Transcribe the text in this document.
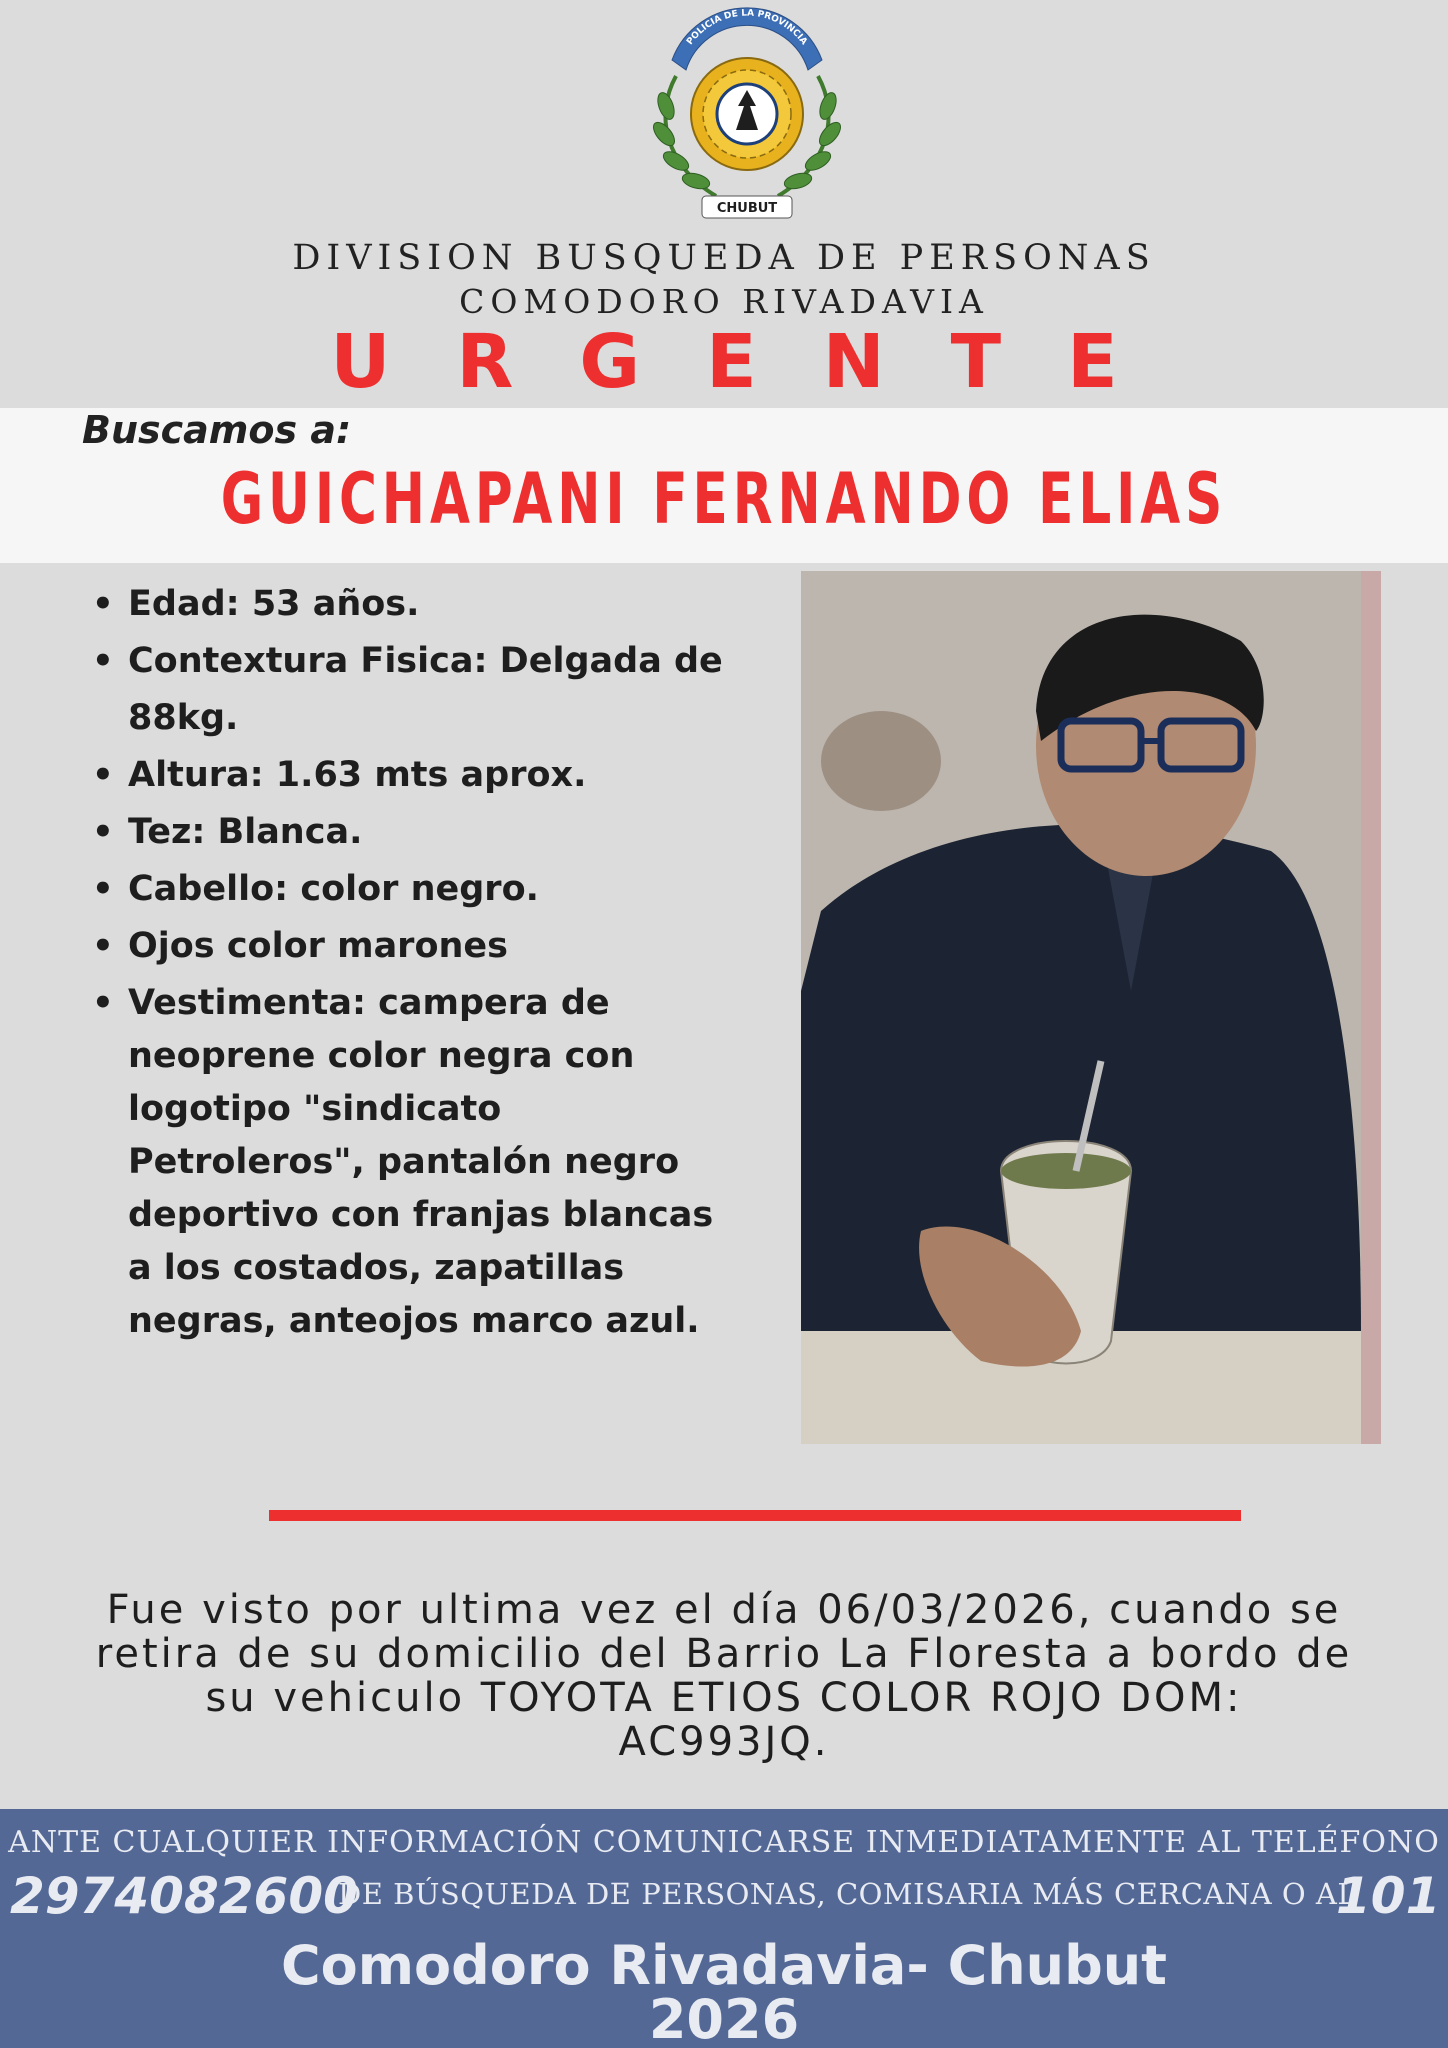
POLICIA DE LA PROVINCIA
CHUBUT
DIVISION BUSQUEDA DE PERSONAS
COMODORO RIVADAVIA
URGENTE
Buscamos a:
GUICHAPANI FERNANDO ELIAS
• Edad: 53 años.
• Contextura Fisica: Delgada de 88kg.
• Altura: 1.63 mts aprox.
• Tez: Blanca.
• Cabello: color negro.
• Ojos color marones
• Vestimenta: campera de neoprene color negra con logotipo "sindicato Petroleros", pantalón negro deportivo con franjas blancas a los costados, zapatillas negras, anteojos marco azul.
Fue visto por ultima vez el día 06/03/2026, cuando se
retira de su domicilio del Barrio La Floresta a bordo de
su vehiculo TOYOTA ETIOS COLOR ROJO DOM:
AC993JQ.
ANTE CUALQUIER INFORMACIÓN COMUNICARSE INMEDIATAMENTE AL TELÉFONO
2974082600
DE BÚSQUEDA DE PERSONAS, COMISARIA MÁS CERCANA O AL
101
Comodoro Rivadavia- Chubut
2026
